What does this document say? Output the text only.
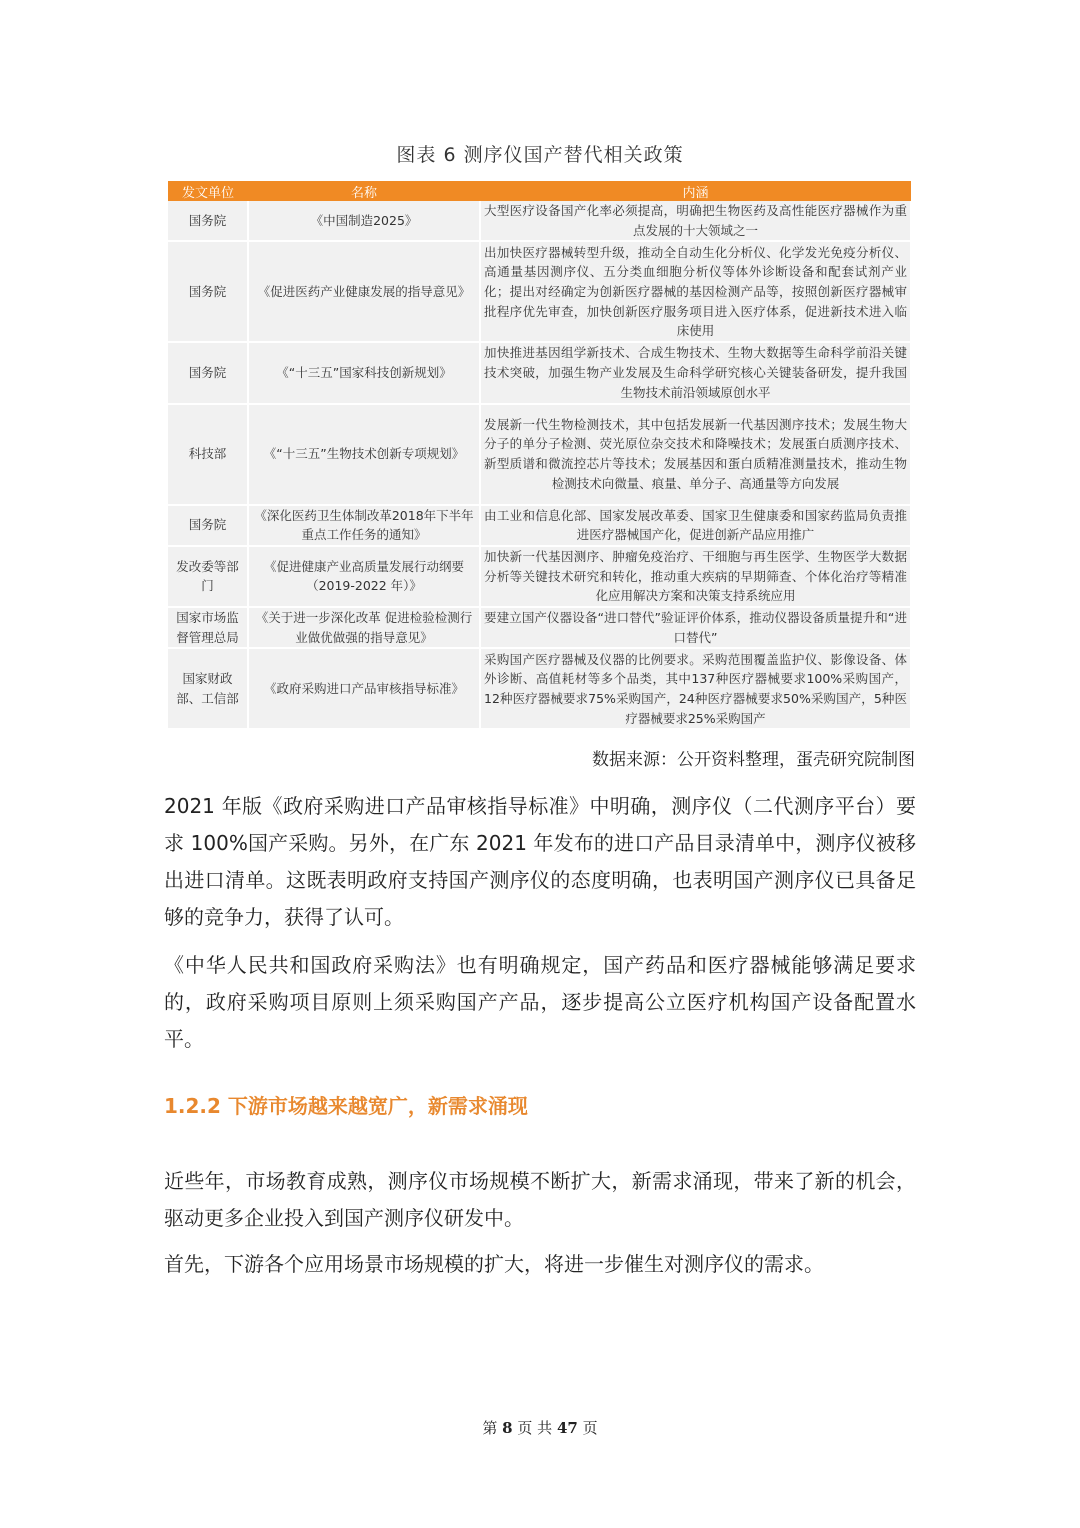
图表 6 测序仪国产替代相关政策
发文单位	名称	内涵
国务院	《中国制造2025》	大型医疗设备国产化率必须提高，明确把生物医药及高性能医疗器械作为重点发展的十大领域之一
国务院	《促进医药产业健康发展的指导意见》	出加快医疗器械转型升级，推动全自动生化分析仪、化学发光免疫分析仪、高通量基因测序仪、五分类血细胞分析仪等体外诊断设备和配套试剂产业化；提出对经确定为创新医疗器械的基因检测产品等，按照创新医疗器械审批程序优先审查，加快创新医疗服务项目进入医疗体系，促进新技术进入临床使用
国务院	《“十三五”国家科技创新规划》	加快推进基因组学新技术、合成生物技术、生物大数据等生命科学前沿关键技术突破，加强生物产业发展及生命科学研究核心关键装备研发，提升我国生物技术前沿领域原创水平
科技部	《“十三五”生物技术创新专项规划》	发展新一代生物检测技术，其中包括发展新一代基因测序技术；发展生物大分子的单分子检测、荧光原位杂交技术和降噪技术；发展蛋白质测序技术、新型质谱和微流控芯片等技术；发展基因和蛋白质精准测量技术，推动生物检测技术向微量、痕量、单分子、高通量等方向发展
国务院	《深化医药卫生体制改革2018年下半年重点工作任务的通知》	由工业和信息化部、国家发展改革委、国家卫生健康委和国家药监局负责推进医疗器械国产化，促进创新产品应用推广
发改委等部门	《促进健康产业高质量发展行动纲要（2019-2022 年）》	加快新一代基因测序、肿瘤免疫治疗、干细胞与再生医学、生物医学大数据分析等关键技术研究和转化，推动重大疾病的早期筛查、个体化治疗等精准化应用解决方案和决策支持系统应用
国家市场监督管理总局	《关于进一步深化改革 促进检验检测行业做优做强的指导意见》	要建立国产仪器设备“进口替代”验证评价体系，推动仪器设备质量提升和“进口替代”
国家财政部、工信部	《政府采购进口产品审核指导标准》	采购国产医疗器械及仪器的比例要求。采购范围覆盖监护仪、影像设备、体外诊断、高值耗材等多个品类，其中137种医疗器械要求100%采购国产，12种医疗器械要求75%采购国产，24种医疗器械要求50%采购国产，5种医疗器械要求25%采购国产
数据来源：公开资料整理，蛋壳研究院制图

2021 年版《政府采购进口产品审核指导标准》中明确，测序仪（二代测序平台）要求 100%国产采购。另外，在广东 2021 年发布的进口产品目录清单中，测序仪被移出进口清单。这既表明政府支持国产测序仪的态度明确，也表明国产测序仪已具备足够的竞争力，获得了认可。

《中华人民共和国政府采购法》也有明确规定，国产药品和医疗器械能够满足要求的，政府采购项目原则上须采购国产产品，逐步提高公立医疗机构国产设备配置水平。

1.2.2 下游市场越来越宽广，新需求涌现

近些年，市场教育成熟，测序仪市场规模不断扩大，新需求涌现，带来了新的机会，驱动更多企业投入到国产测序仪研发中。

首先，下游各个应用场景市场规模的扩大，将进一步催生对测序仪的需求。

第 8 页 共 47 页
